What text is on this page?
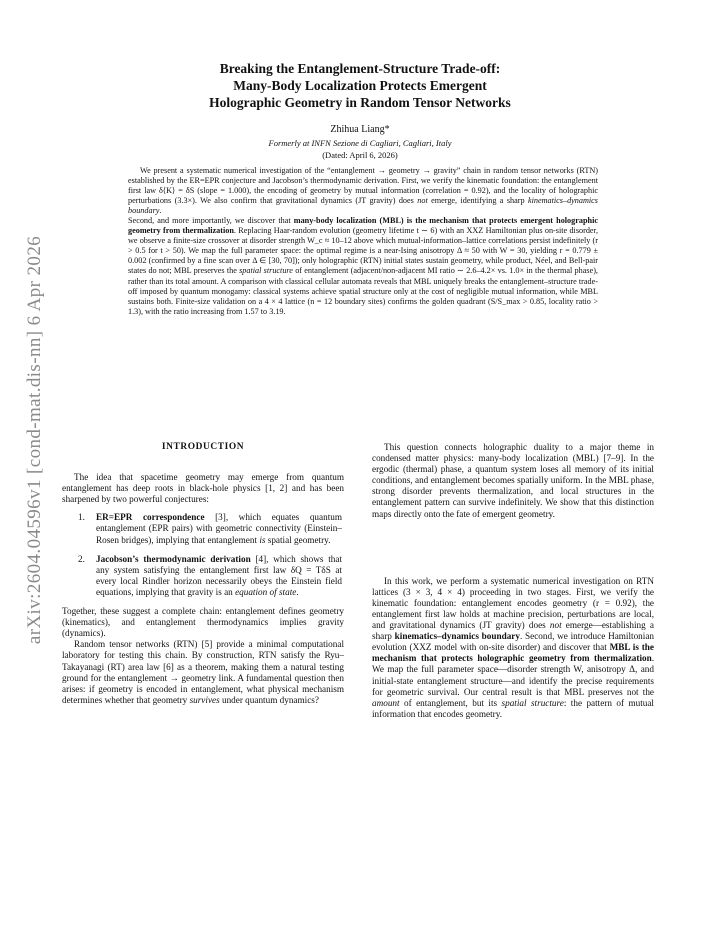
arXiv:2604.04596v1 [cond-mat.dis-nn] 6 Apr 2026
Breaking the Entanglement-Structure Trade-off:
Many-Body Localization Protects Emergent
Holographic Geometry in Random Tensor Networks
Zhihua Liang*
Formerly at INFN Sezione di Cagliari, Cagliari, Italy
(Dated: April 6, 2026)

We present a systematic numerical investigation of the “entanglement → geometry → gravity” chain in random tensor networks (RTN) established by the ER=EPR conjecture and Jacobson’s thermodynamic derivation. First, we verify the kinematic foundation: the entanglement first law δ⟨K⟩ = δS (slope = 1.000), the encoding of geometry by mutual information (correlation = 0.92), and the locality of holographic perturbations (3.3×). We also confirm that gravitational dynamics (JT gravity) does not emerge, identifying a sharp kinematics–dynamics boundary.

Second, and more importantly, we discover that many-body localization (MBL) is the mechanism that protects emergent holographic geometry from thermalization. Replacing Haar-random evolution (geometry lifetime t ∼ 6) with an XXZ Hamiltonian plus on-site disorder, we observe a finite-size crossover at disorder strength W_c ≈ 10–12 above which mutual-information–lattice correlations persist indefinitely (r > 0.5 for t > 50). We map the full parameter space: the optimal regime is a near-Ising anisotropy Δ ≈ 50 with W = 30, yielding r = 0.779 ± 0.002 (confirmed by a fine scan over Δ ∈ [30, 70]); only holographic (RTN) initial states sustain geometry, while product, Néel, and Bell-pair states do not; MBL preserves the spatial structure of entanglement (adjacent/non-adjacent MI ratio ∼ 2.6–4.2× vs. 1.0× in the thermal phase), rather than its total amount. A comparison with classical cellular automata reveals that MBL uniquely breaks the entanglement–structure trade-off imposed by quantum monogamy: classical systems achieve spatial structure only at the cost of negligible mutual information, while MBL sustains both. Finite-size validation on a 4 × 4 lattice (n = 12 boundary sites) confirms the golden quadrant (S/S_max > 0.85, locality ratio > 1.3), with the ratio increasing from 1.57 to 3.19.

INTRODUCTION

The idea that spacetime geometry may emerge from quantum entanglement has deep roots in black-hole physics [1, 2] and has been sharpened by two powerful conjectures:

1. ER=EPR correspondence [3], which equates quantum entanglement (EPR pairs) with geometric connectivity (Einstein–Rosen bridges), implying that entanglement is spatial geometry.
2. Jacobson’s thermodynamic derivation [4], which shows that any system satisfying the entanglement first law δQ = TδS at every local Rindler horizon necessarily obeys the Einstein field equations, implying that gravity is an equation of state.

Together, these suggest a complete chain: entanglement defines geometry (kinematics), and entanglement thermodynamics implies gravity (dynamics).

Random tensor networks (RTN) [5] provide a minimal computational laboratory for testing this chain. By construction, RTN satisfy the Ryu–Takayanagi (RT) area law [6] as a theorem, making them a natural testing ground for the entanglement → geometry link. A fundamental question then arises: if geometry is encoded in entanglement, what physical mechanism determines whether that geometry survives under quantum dynamics?

This question connects holographic duality to a major theme in condensed matter physics: many-body localization (MBL) [7–9]. In the ergodic (thermal) phase, a quantum system loses all memory of its initial conditions, and entanglement becomes spatially uniform. In the MBL phase, strong disorder prevents thermalization, and local structures in the entanglement pattern can survive indefinitely. We show that this distinction maps directly onto the fate of emergent geometry.

In this work, we perform a systematic numerical investigation on RTN lattices (3 × 3, 4 × 4) proceeding in two stages. First, we verify the kinematic foundation: entanglement encodes geometry (r = 0.92), the entanglement first law holds at machine precision, perturbations are local, and gravitational dynamics (JT gravity) does not emerge—establishing a sharp kinematics–dynamics boundary. Second, we introduce Hamiltonian evolution (XXZ model with on-site disorder) and discover that MBL is the mechanism that protects holographic geometry from thermalization. We map the full parameter space—disorder strength W, anisotropy Δ, and initial-state entanglement structure—and identify the precise requirements for geometric survival. Our central result is that MBL preserves not the amount of entanglement, but its spatial structure: the pattern of mutual information that encodes geometry.
